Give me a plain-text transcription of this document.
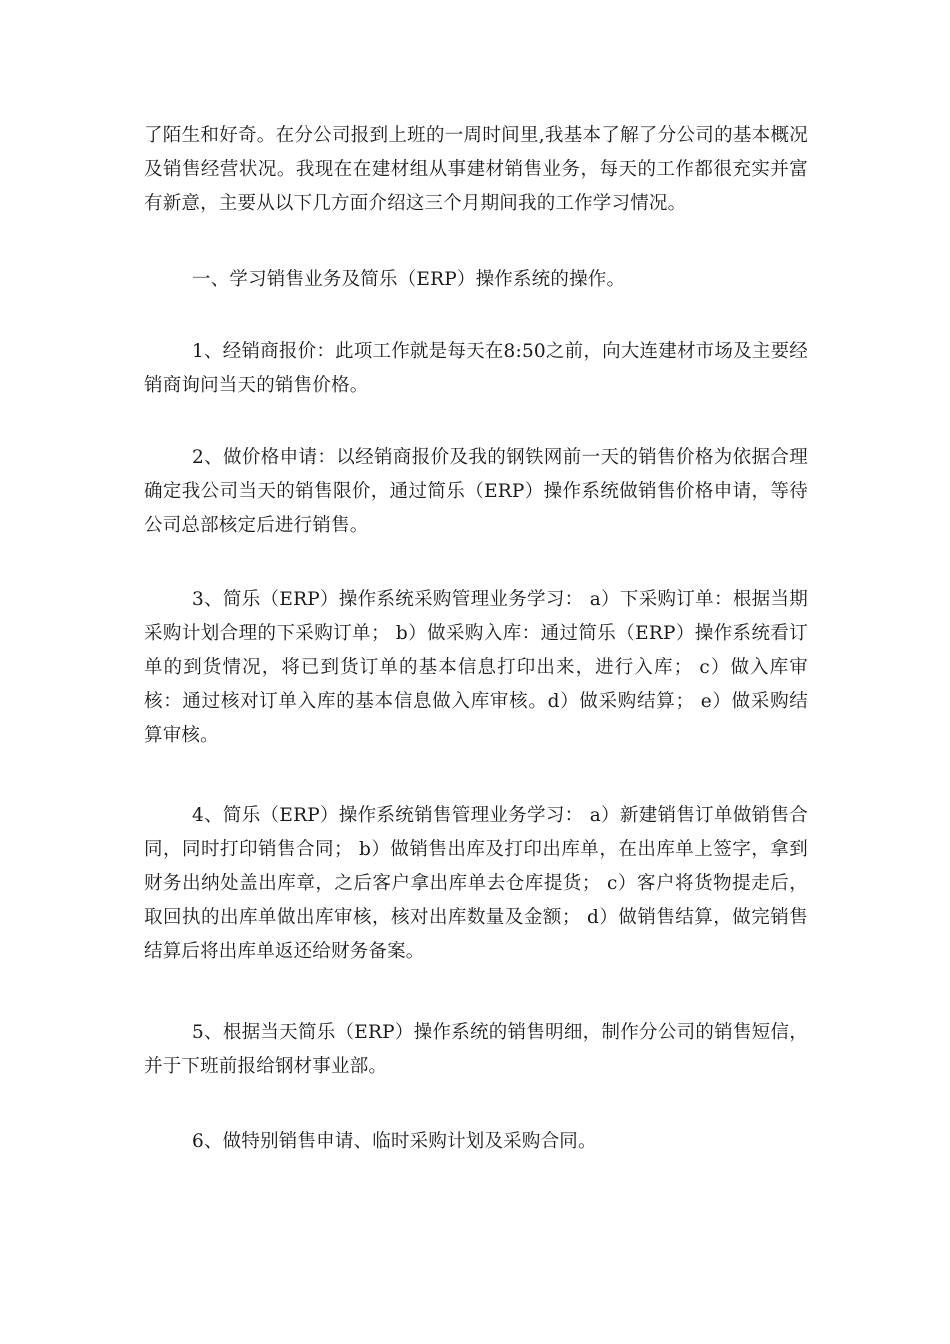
了陌生和好奇。在分公司报到上班的一周时间里,我基本了解了分公司的基本概况及销售经营状况。我现在在建材组从事建材销售业务，每天的工作都很充实并富有新意，主要从以下几方面介绍这三个月期间我的工作学习情况。

一、学习销售业务及简乐（ERP）操作系统的操作。

1、经销商报价：此项工作就是每天在8:50之前，向大连建材市场及主要经销商询问当天的销售价格。

2、做价格申请：以经销商报价及我的钢铁网前一天的销售价格为依据合理确定我公司当天的销售限价，通过简乐（ERP）操作系统做销售价格申请，等待公司总部核定后进行销售。

3、简乐（ERP）操作系统采购管理业务学习： a）下采购订单：根据当期采购计划合理的下采购订单； b）做采购入库：通过简乐（ERP）操作系统看订单的到货情况，将已到货订单的基本信息打印出来，进行入库； c）做入库审核：通过核对订单入库的基本信息做入库审核。d）做采购结算； e）做采购结算审核。

4、简乐（ERP）操作系统销售管理业务学习： a）新建销售订单做销售合同，同时打印销售合同； b）做销售出库及打印出库单，在出库单上签字，拿到财务出纳处盖出库章，之后客户拿出库单去仓库提货； c）客户将货物提走后，取回执的出库单做出库审核，核对出库数量及金额； d）做销售结算，做完销售结算后将出库单返还给财务备案。

5、根据当天简乐（ERP）操作系统的销售明细，制作分公司的销售短信，并于下班前报给钢材事业部。

6、做特别销售申请、临时采购计划及采购合同。
